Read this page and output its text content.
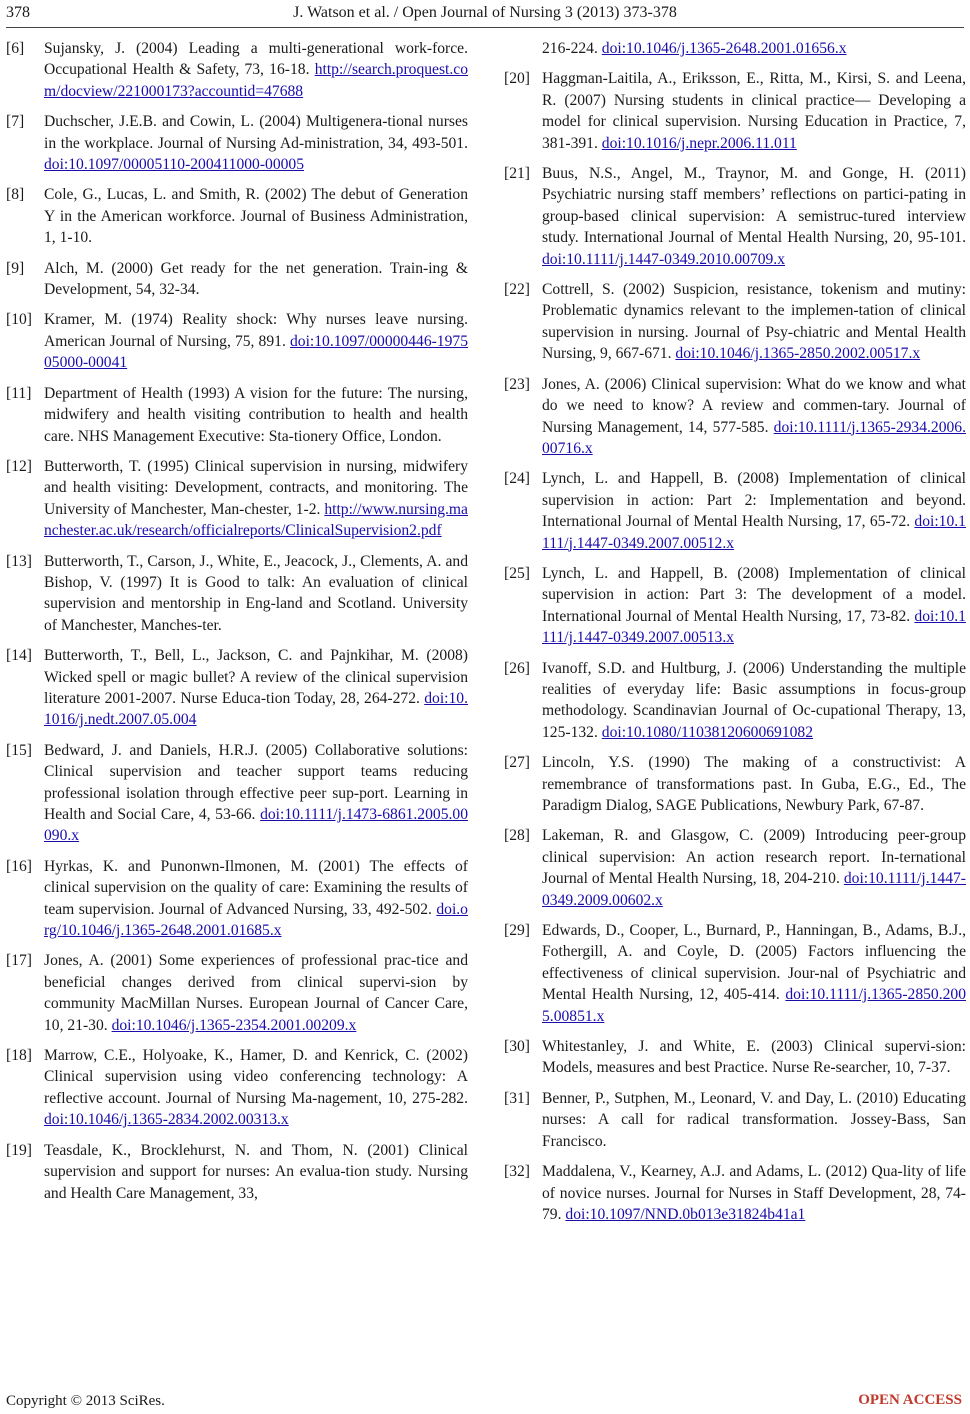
378	J. Watson et al. / Open Journal of Nursing 3 (2013) 373-378
[6]	Sujansky, J. (2004) Leading a multi-generational work-force. Occupational Health & Safety, 73, 16-18. http://search.proquest.com/docview/221000173?accountid=47688
[7]	Duchscher, J.E.B. and Cowin, L. (2004) Multigenera-tional nurses in the workplace. Journal of Nursing Ad-ministration, 34, 493-501. doi:10.1097/00005110-200411000-00005
[8]	Cole, G., Lucas, L. and Smith, R. (2002) The debut of Generation Y in the American workforce. Journal of Business Administration, 1, 1-10.
[9]	Alch, M. (2000) Get ready for the net generation. Train-ing & Development, 54, 32-34.
[10] Kramer, M. (1974) Reality shock: Why nurses leave nursing. American Journal of Nursing, 75, 891. doi:10.1097/00000446-197505000-00041
[11] Department of Health (1993) A vision for the future: The nursing, midwifery and health visiting contribution to health and health care. NHS Management Executive: Sta-tionery Office, London.
[12] Butterworth, T. (1995) Clinical supervision in nursing, midwifery and health visiting: Development, contracts, and monitoring. The University of Manchester, Man-chester, 1-2. http://www.nursing.manchester.ac.uk/research/officialreports/ClinicalSupervision2.pdf
[13] Butterworth, T., Carson, J., White, E., Jeacock, J., Clements, A. and Bishop, V. (1997) It is Good to talk: An evaluation of clinical supervision and mentorship in Eng-land and Scotland. University of Manchester, Manches-ter.
[14] Butterworth, T., Bell, L., Jackson, C. and Pajnkihar, M. (2008) Wicked spell or magic bullet? A review of the clinical supervision literature 2001-2007. Nurse Educa-tion Today, 28, 264-272. doi:10.1016/j.nedt.2007.05.004
[15] Bedward, J. and Daniels, H.R.J. (2005) Collaborative solutions: Clinical supervision and teacher support teams reducing professional isolation through effective peer sup-port. Learning in Health and Social Care, 4, 53-66. doi:10.1111/j.1473-6861.2005.00090.x
[16] Hyrkas, K. and Punonwn-Ilmonen, M. (2001) The effects of clinical supervision on the quality of care: Examining the results of team supervision. Journal of Advanced Nursing, 33, 492-502. doi.org/10.1046/j.1365-2648.2001.01685.x
[17] Jones, A. (2001) Some experiences of professional prac-tice and beneficial changes derived from clinical supervi-sion by community MacMillan Nurses. European Journal of Cancer Care, 10, 21-30. doi:10.1046/j.1365-2354.2001.00209.x
[18] Marrow, C.E., Holyoake, K., Hamer, D. and Kenrick, C. (2002) Clinical supervision using video conferencing technology: A reflective account. Journal of Nursing Ma-nagement, 10, 275-282. doi:10.1046/j.1365-2834.2002.00313.x
[19] Teasdale, K., Brocklehurst, N. and Thom, N. (2001) Clinical supervision and support for nurses: An evalua-tion study. Nursing and Health Care Management, 33,
216-224. doi:10.1046/j.1365-2648.2001.01656.x
[20] Haggman-Laitila, A., Eriksson, E., Ritta, M., Kirsi, S. and Leena, R. (2007) Nursing students in clinical practice— Developing a model for clinical supervision. Nursing Education in Practice, 7, 381-391. doi:10.1016/j.nepr.2006.11.011
[21] Buus, N.S., Angel, M., Traynor, M. and Gonge, H. (2011) Psychiatric nursing staff members’ reflections on partici-pating in group-based clinical supervision: A semistruc-tured interview study. International Journal of Mental Health Nursing, 20, 95-101. doi:10.1111/j.1447-0349.2010.00709.x
[22] Cottrell, S. (2002) Suspicion, resistance, tokenism and mutiny: Problematic dynamics relevant to the implemen-tation of clinical supervision in nursing. Journal of Psy-chiatric and Mental Health Nursing, 9, 667-671. doi:10.1046/j.1365-2850.2002.00517.x
[23] Jones, A. (2006) Clinical supervision: What do we know and what do we need to know? A review and commen-tary. Journal of Nursing Management, 14, 577-585. doi:10.1111/j.1365-2934.2006.00716.x
[24] Lynch, L. and Happell, B. (2008) Implementation of clinical supervision in action: Part 2: Implementation and beyond. International Journal of Mental Health Nursing, 17, 65-72. doi:10.1111/j.1447-0349.2007.00512.x
[25] Lynch, L. and Happell, B. (2008) Implementation of clinical supervision in action: Part 3: The development of a model. International Journal of Mental Health Nursing, 17, 73-82. doi:10.1111/j.1447-0349.2007.00513.x
[26] Ivanoff, S.D. and Hultburg, J. (2006) Understanding the multiple realities of everyday life: Basic assumptions in focus-group methodology. Scandinavian Journal of Oc-cupational Therapy, 13, 125-132. doi:10.1080/11038120600691082
[27] Lincoln, Y.S. (1990) The making of a constructivist: A remembrance of transformations past. In Guba, E.G., Ed., The Paradigm Dialog, SAGE Publications, Newbury Park, 67-87.
[28] Lakeman, R. and Glasgow, C. (2009) Introducing peer-group clinical supervision: An action research report. In-ternational Journal of Mental Health Nursing, 18, 204-210. doi:10.1111/j.1447-0349.2009.00602.x
[29] Edwards, D., Cooper, L., Burnard, P., Hanningan, B., Adams, B.J., Fothergill, A. and Coyle, D. (2005) Factors influencing the effectiveness of clinical supervision. Jour-nal of Psychiatric and Mental Health Nursing, 12, 405-414. doi:10.1111/j.1365-2850.2005.00851.x
[30] Whitestanley, J. and White, E. (2003) Clinical supervi-sion: Models, measures and best Practice. Nurse Re-searcher, 10, 7-37.
[31] Benner, P., Sutphen, M., Leonard, V. and Day, L. (2010) Educating nurses: A call for radical transformation. Jossey-Bass, San Francisco.
[32] Maddalena, V., Kearney, A.J. and Adams, L. (2012) Qua-lity of life of novice nurses. Journal for Nurses in Staff Development, 28, 74-79. doi:10.1097/NND.0b013e31824b41a1
Copyright © 2013 SciRes.	OPEN ACCESS
